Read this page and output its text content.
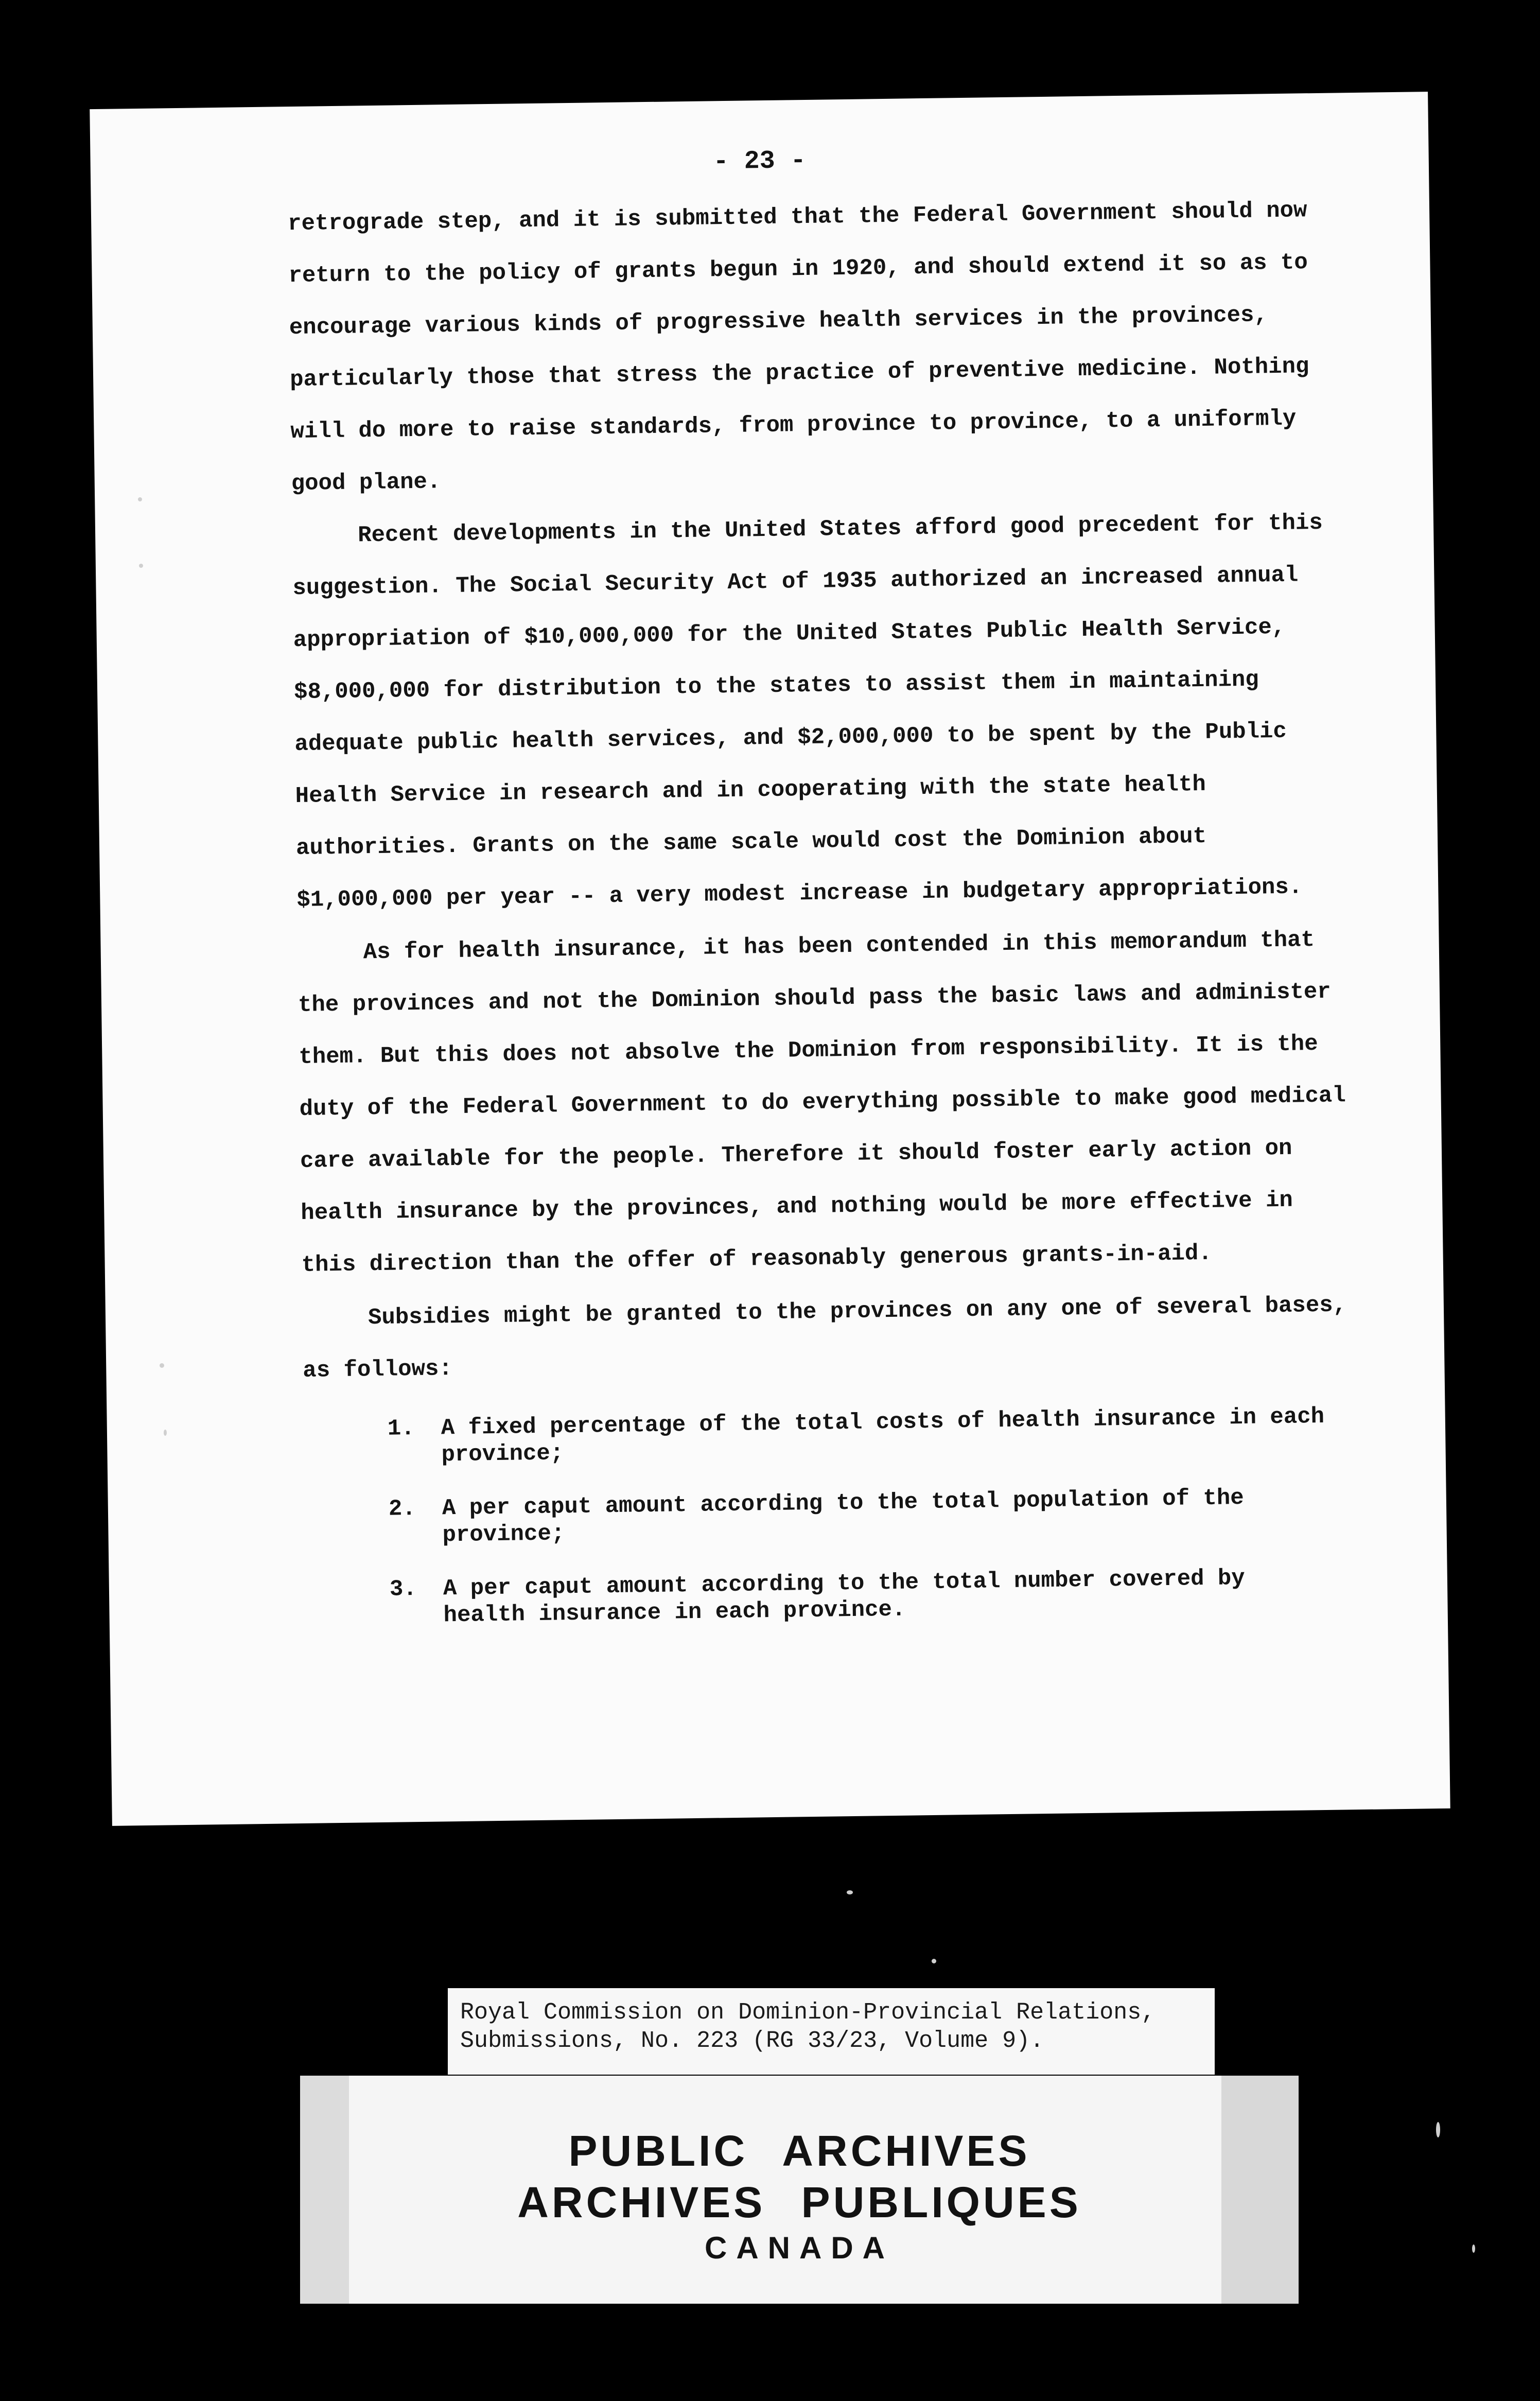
- 23 -
retrograde step, and it is submitted that the Federal Government should now
return to the policy of grants begun in 1920, and should extend it so as to
encourage various kinds of progressive health services in the provinces,
particularly those that stress the practice of preventive medicine. Nothing
will do more to raise standards, from province to province, to a uniformly
good plane.
Recent developments in the United States afford good precedent for this
suggestion. The Social Security Act of 1935 authorized an increased annual
appropriation of $10,000,000 for the United States Public Health Service,
$8,000,000 for distribution to the states to assist them in maintaining
adequate public health services, and $2,000,000 to be spent by the Public
Health Service in research and in cooperating with the state health
authorities. Grants on the same scale would cost the Dominion about
$1,000,000 per year -- a very modest increase in budgetary appropriations.
As for health insurance, it has been contended in this memorandum that
the provinces and not the Dominion should pass the basic laws and administer
them. But this does not absolve the Dominion from responsibility. It is the
duty of the Federal Government to do everything possible to make good medical
care available for the people. Therefore it should foster early action on
health insurance by the provinces, and nothing would be more effective in
this direction than the offer of reasonably generous grants-in-aid.
Subsidies might be granted to the provinces on any one of several bases,
as follows:
1. A fixed percentage of the total costs of health insurance in each
province;
2. A per caput amount according to the total population of the
province;
3. A per caput amount according to the total number covered by
health insurance in each province.
Royal Commission on Dominion-Provincial Relations,
Submissions, No. 223 (RG 33/23, Volume 9).
PUBLIC ARCHIVES
ARCHIVES PUBLIQUES
CANADA
